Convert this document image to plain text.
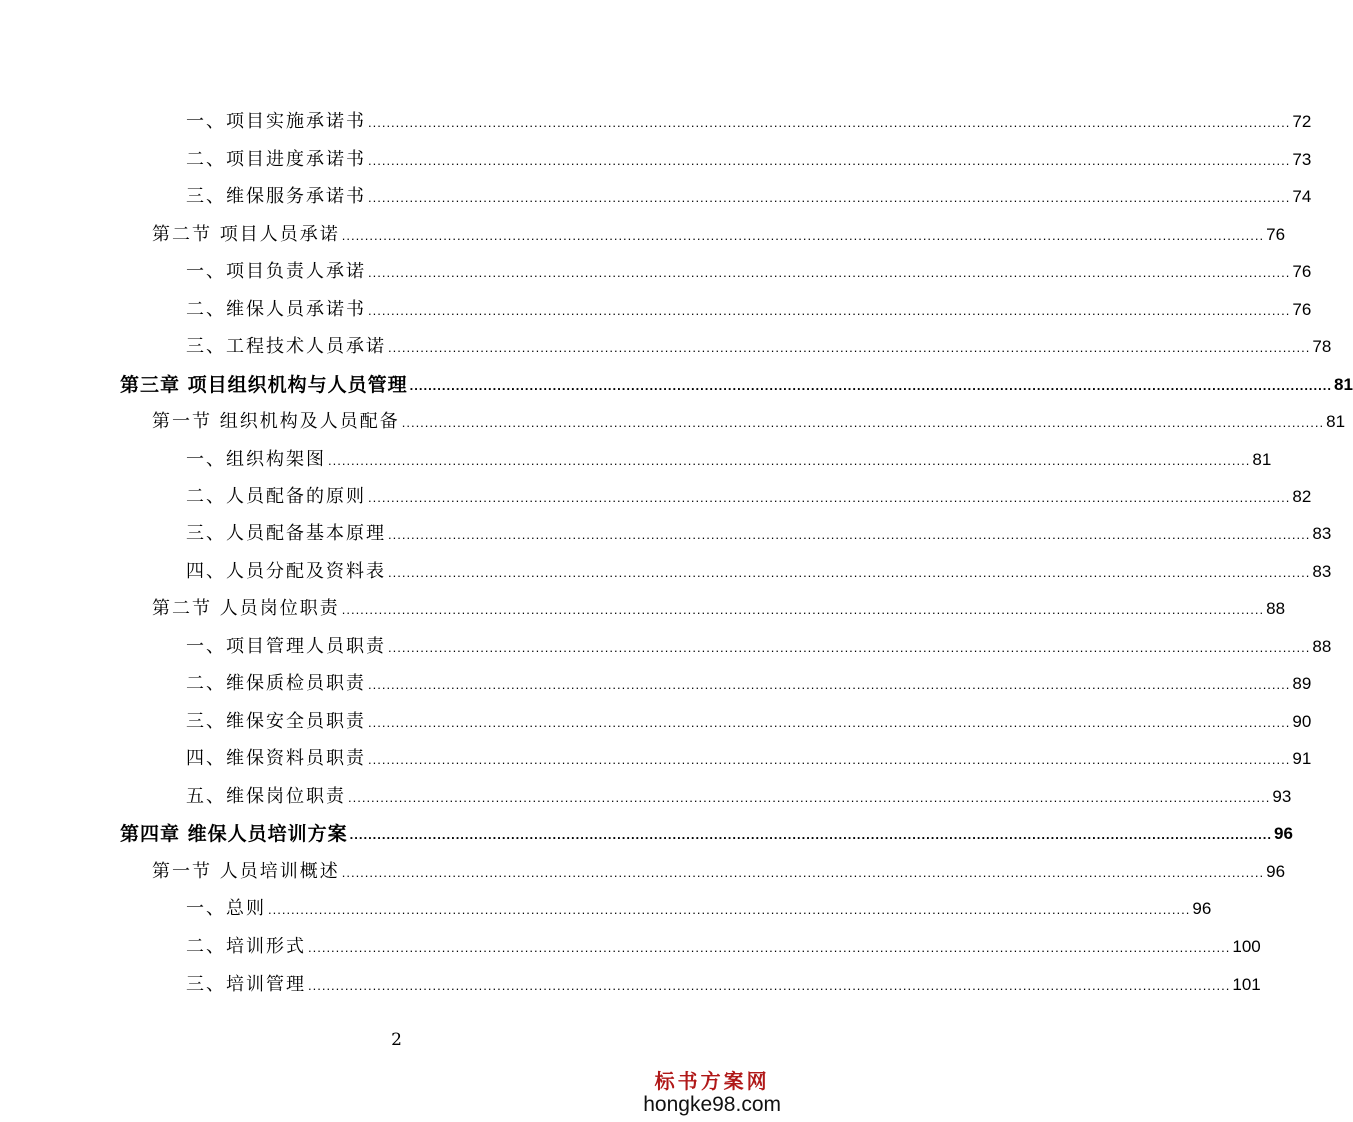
一、项目实施承诺书 ........................................................................................................................................................................................................ 72
二、项目进度承诺书 ........................................................................................................................................................................................................ 73
三、维保服务承诺书 ........................................................................................................................................................................................................ 74
第二节 项目人员承诺 ........................................................................................................................................................................................................ 76
一、项目负责人承诺 ........................................................................................................................................................................................................ 76
二、维保人员承诺书 ........................................................................................................................................................................................................ 76
三、工程技术人员承诺 ........................................................................................................................................................................................................ 78
第三章 项目组织机构与人员管理 ........................................................................................................................................................................................................ 81
第一节 组织机构及人员配备 ........................................................................................................................................................................................................ 81
一、组织构架图 ........................................................................................................................................................................................................ 81
二、人员配备的原则 ........................................................................................................................................................................................................ 82
三、人员配备基本原理 ........................................................................................................................................................................................................ 83
四、人员分配及资料表 ........................................................................................................................................................................................................ 83
第二节 人员岗位职责 ........................................................................................................................................................................................................ 88
一、项目管理人员职责 ........................................................................................................................................................................................................ 88
二、维保质检员职责 ........................................................................................................................................................................................................ 89
三、维保安全员职责 ........................................................................................................................................................................................................ 90
四、维保资料员职责 ........................................................................................................................................................................................................ 91
五、维保岗位职责 ........................................................................................................................................................................................................ 93
第四章 维保人员培训方案 ........................................................................................................................................................................................................ 96
第一节 人员培训概述 ........................................................................................................................................................................................................ 96
一、总则 ........................................................................................................................................................................................................ 96
二、培训形式 ........................................................................................................................................................................................................ 100
三、培训管理 ........................................................................................................................................................................................................ 101
2
标书方案网
hongke98.com
